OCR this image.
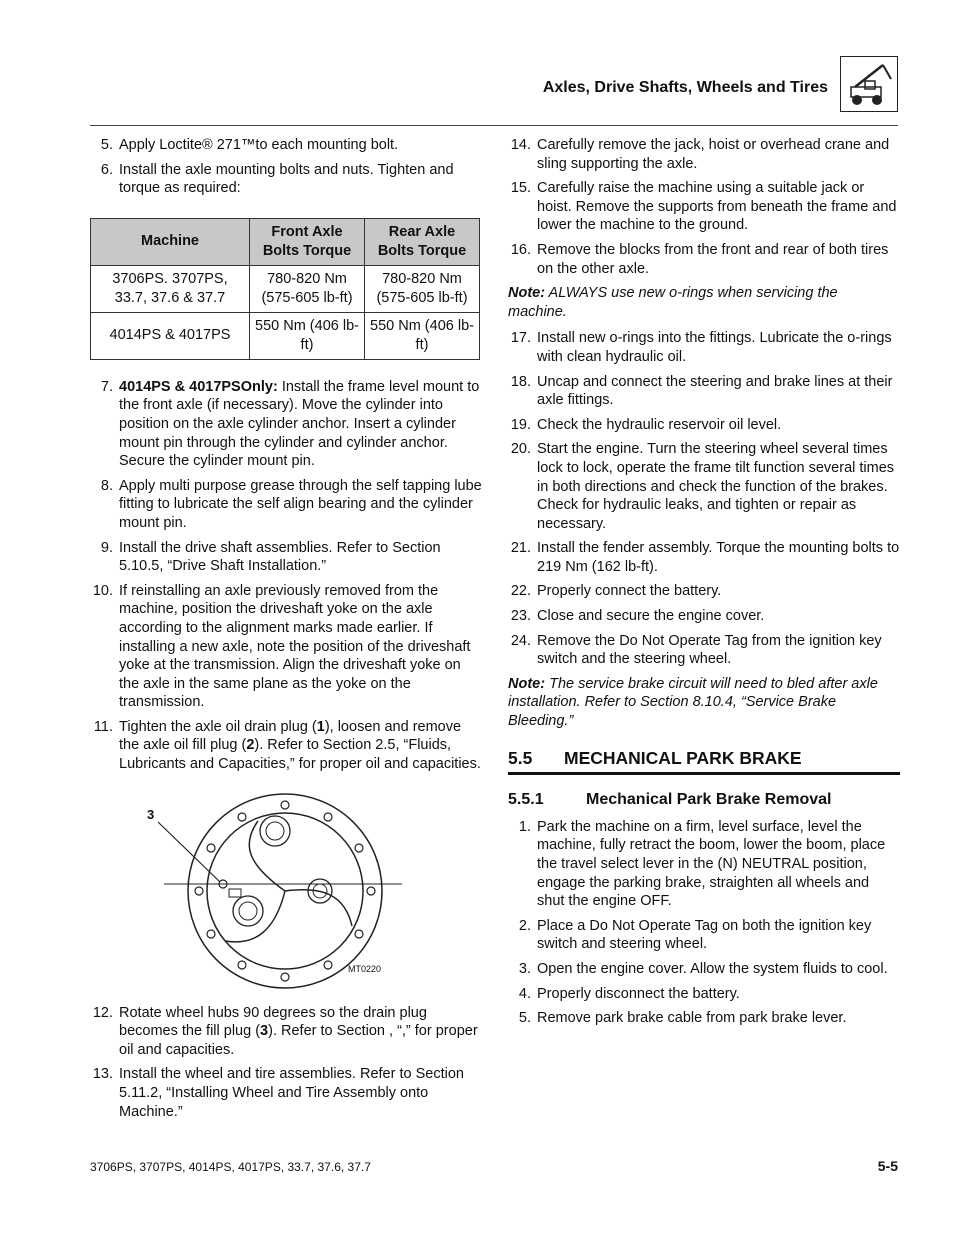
Axles, Drive Shafts, Wheels and Tires
5. Apply Loctite® 271™to each mounting bolt.
6. Install the axle mounting bolts and nuts. Tighten and torque as required:
Machine	Front Axle Bolts Torque	Rear Axle Bolts Torque
3706PS. 3707PS, 33.7, 37.6 & 37.7	780-820 Nm (575-605 lb-ft)	780-820 Nm (575-605 lb-ft)
4014PS & 4017PS	550 Nm (406 lb-ft)	550 Nm (406 lb-ft)
7. 4014PS & 4017PSOnly: Install the frame level mount to the front axle (if necessary). Move the cylinder into position on the axle cylinder anchor. Insert a cylinder mount pin through the cylinder and cylinder anchor. Secure the cylinder mount pin.
8. Apply multi purpose grease through the self tapping lube fitting to lubricate the self align bearing and the cylinder mount pin.
9. Install the drive shaft assemblies. Refer to Section 5.10.5, “Drive Shaft Installation.”
10. If reinstalling an axle previously removed from the machine, position the driveshaft yoke on the axle according to the alignment marks made earlier. If installing a new axle, note the position of the driveshaft yoke at the transmission. Align the driveshaft yoke on the axle in the same plane as the yoke on the transmission.
11. Tighten the axle oil drain plug (1), loosen and remove the axle oil fill plug (2). Refer to Section 2.5, “Fluids, Lubricants and Capacities,” for proper oil and capacities.
3
MT0220
12. Rotate wheel hubs 90 degrees so the drain plug becomes the fill plug (3). Refer to Section , “,” for proper oil and capacities.
13. Install the wheel and tire assemblies. Refer to Section 5.11.2, “Installing Wheel and Tire Assembly onto Machine.”
14. Carefully remove the jack, hoist or overhead crane and sling supporting the axle.
15. Carefully raise the machine using a suitable jack or hoist. Remove the supports from beneath the frame and lower the machine to the ground.
16. Remove the blocks from the front and rear of both tires on the other axle.
Note: ALWAYS use new o-rings when servicing the machine.
17. Install new o-rings into the fittings. Lubricate the o-rings with clean hydraulic oil.
18. Uncap and connect the steering and brake lines at their axle fittings.
19. Check the hydraulic reservoir oil level.
20. Start the engine. Turn the steering wheel several times lock to lock, operate the frame tilt function several times in both directions and check the function of the brakes. Check for hydraulic leaks, and tighten or repair as necessary.
21. Install the fender assembly. Torque the mounting bolts to 219 Nm (162 lb-ft).
22. Properly connect the battery.
23. Close and secure the engine cover.
24. Remove the Do Not Operate Tag from the ignition key switch and the steering wheel.
Note: The service brake circuit will need to bled after axle installation. Refer to Section 8.10.4, “Service Brake Bleeding.”
5.5	MECHANICAL PARK BRAKE
5.5.1	Mechanical Park Brake Removal
1. Park the machine on a firm, level surface, level the machine, fully retract the boom, lower the boom, place the travel select lever in the (N) NEUTRAL position, engage the parking brake, straighten all wheels and shut the engine OFF.
2. Place a Do Not Operate Tag on both the ignition key switch and steering wheel.
3. Open the engine cover. Allow the system fluids to cool.
4. Properly disconnect the battery.
5. Remove park brake cable from park brake lever.
3706PS, 3707PS, 4014PS, 4017PS, 33.7, 37.6, 37.7	5-5
